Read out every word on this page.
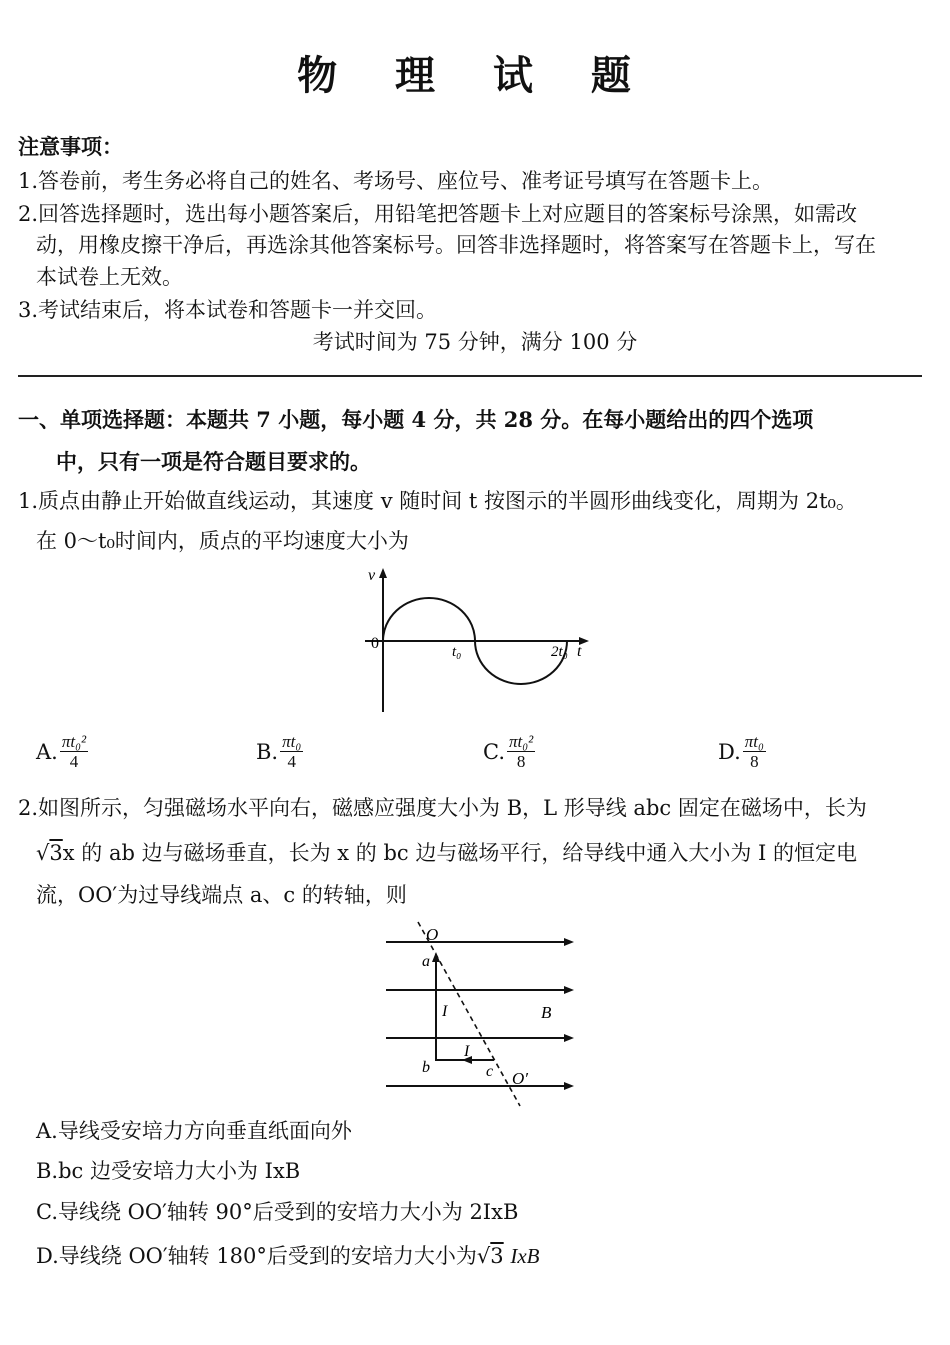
物 理 试 题
注意事项：
1.答卷前，考生务必将自己的姓名、考场号、座位号、准考证号填写在答题卡上。
2.回答选择题时，选出每小题答案后，用铅笔把答题卡上对应题目的答案标号涂黑，如需改
动，用橡皮擦干净后，再选涂其他答案标号。回答非选择题时，将答案写在答题卡上，写在
本试卷上无效。
3.考试结束后，将本试卷和答题卡一并交回。
考试时间为 75 分钟，满分 100 分
一、单项选择题：本题共 7 小题，每小题 4 分，共 28 分。在每小题给出的四个选项
中，只有一项是符合题目要求的。
1.质点由静止开始做直线运动，其速度 v 随时间 t 按图示的半圆形曲线变化，周期为 2t₀。
在 0～t₀时间内，质点的平均速度大小为
v
0	t₀	2t₀ t
A. $\frac{\text{πt₀²}}{4}$	B. $\frac{\text{πt₀}}{4}$	C. $\frac{\text{πt₀²}}{8}$	D. $\frac{\text{πt₀}}{8}$
2.如图所示，匀强磁场水平向右，磁感应强度大小为 B，L 形导线 abc 固定在磁场中，长为
√3x 的 ab 边与磁场垂直，长为 x 的 bc 边与磁场平行，给导线中通入大小为 I 的恒定电
流，OO′为过导线端点 a、c 的转轴，则
O
a
I	B
I
b	c O′
A.导线受安培力方向垂直纸面向外
B.bc 边受安培力大小为 IxB
C.导线绕 OO′轴转 90°后受到的安培力大小为 2IxB
D.导线绕 OO′轴转 180°后受到的安培力大小为√3 IxB
